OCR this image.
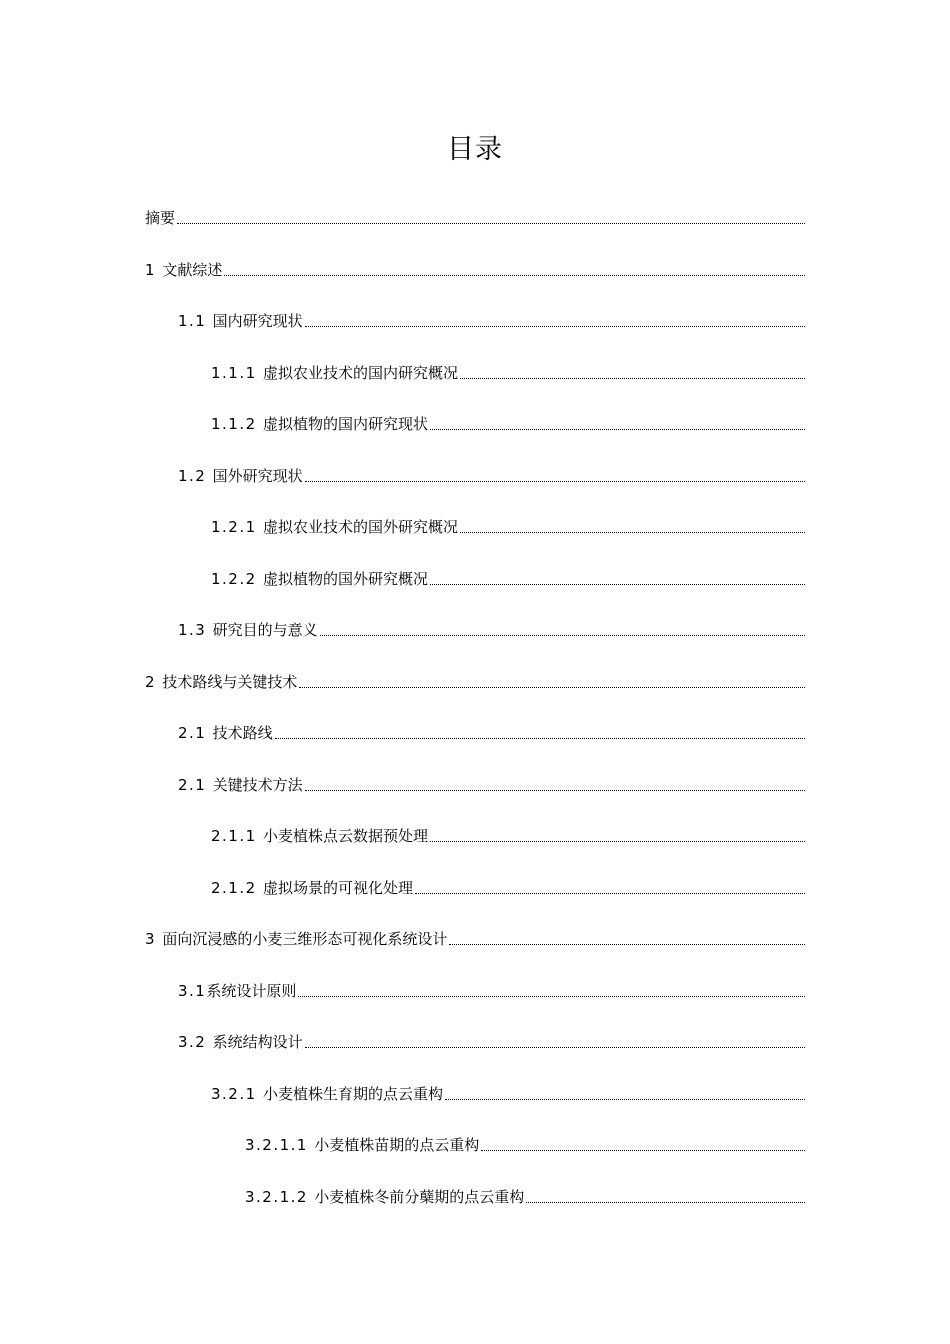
目录
摘要
1 文献综述
1.1 国内研究现状
1.1.1 虚拟农业技术的国内研究概况
1.1.2 虚拟植物的国内研究现状
1.2 国外研究现状
1.2.1 虚拟农业技术的国外研究概况
1.2.2 虚拟植物的国外研究概况
1.3 研究目的与意义
2 技术路线与关键技术
2.1 技术路线
2.1 关键技术方法
2.1.1 小麦植株点云数据预处理
2.1.2 虚拟场景的可视化处理
3 面向沉浸感的小麦三维形态可视化系统设计
3.1系统设计原则
3.2 系统结构设计
3.2.1 小麦植株生育期的点云重构
3.2.1.1 小麦植株苗期的点云重构
3.2.1.2 小麦植株冬前分蘖期的点云重构
